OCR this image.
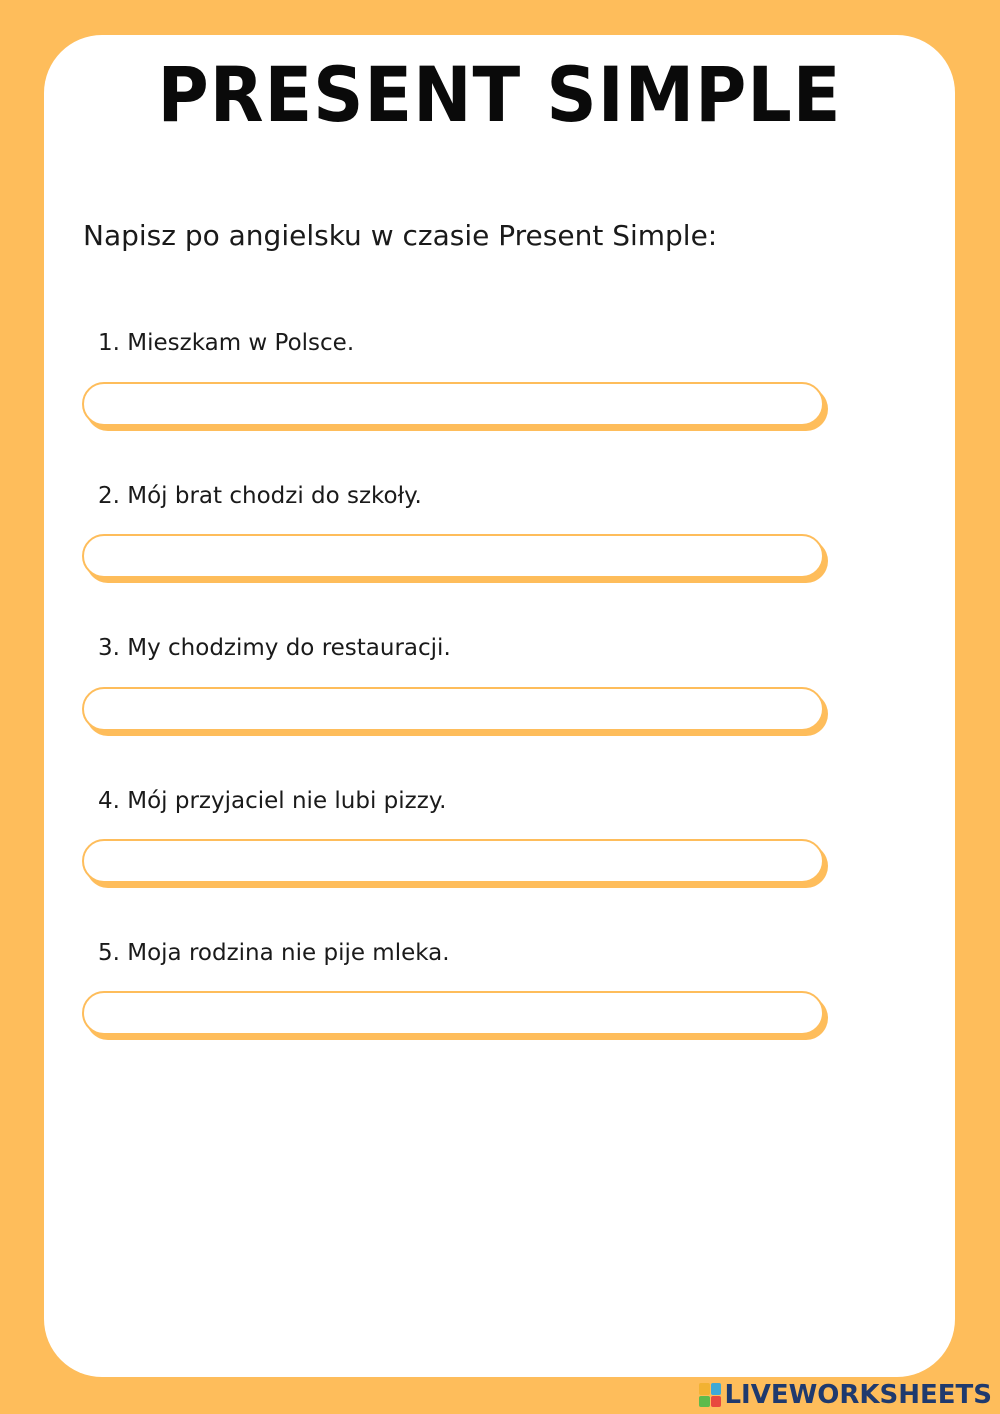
PRESENT SIMPLE

Napisz po angielsku w czasie Present Simple:

1. Mieszkam w Polsce.

2. Mój brat chodzi do szkoły.

3. My chodzimy do restauracji.

4. Mój przyjaciel nie lubi pizzy.

5. Moja rodzina nie pije mleka.

LIVEWORKSHEETS
